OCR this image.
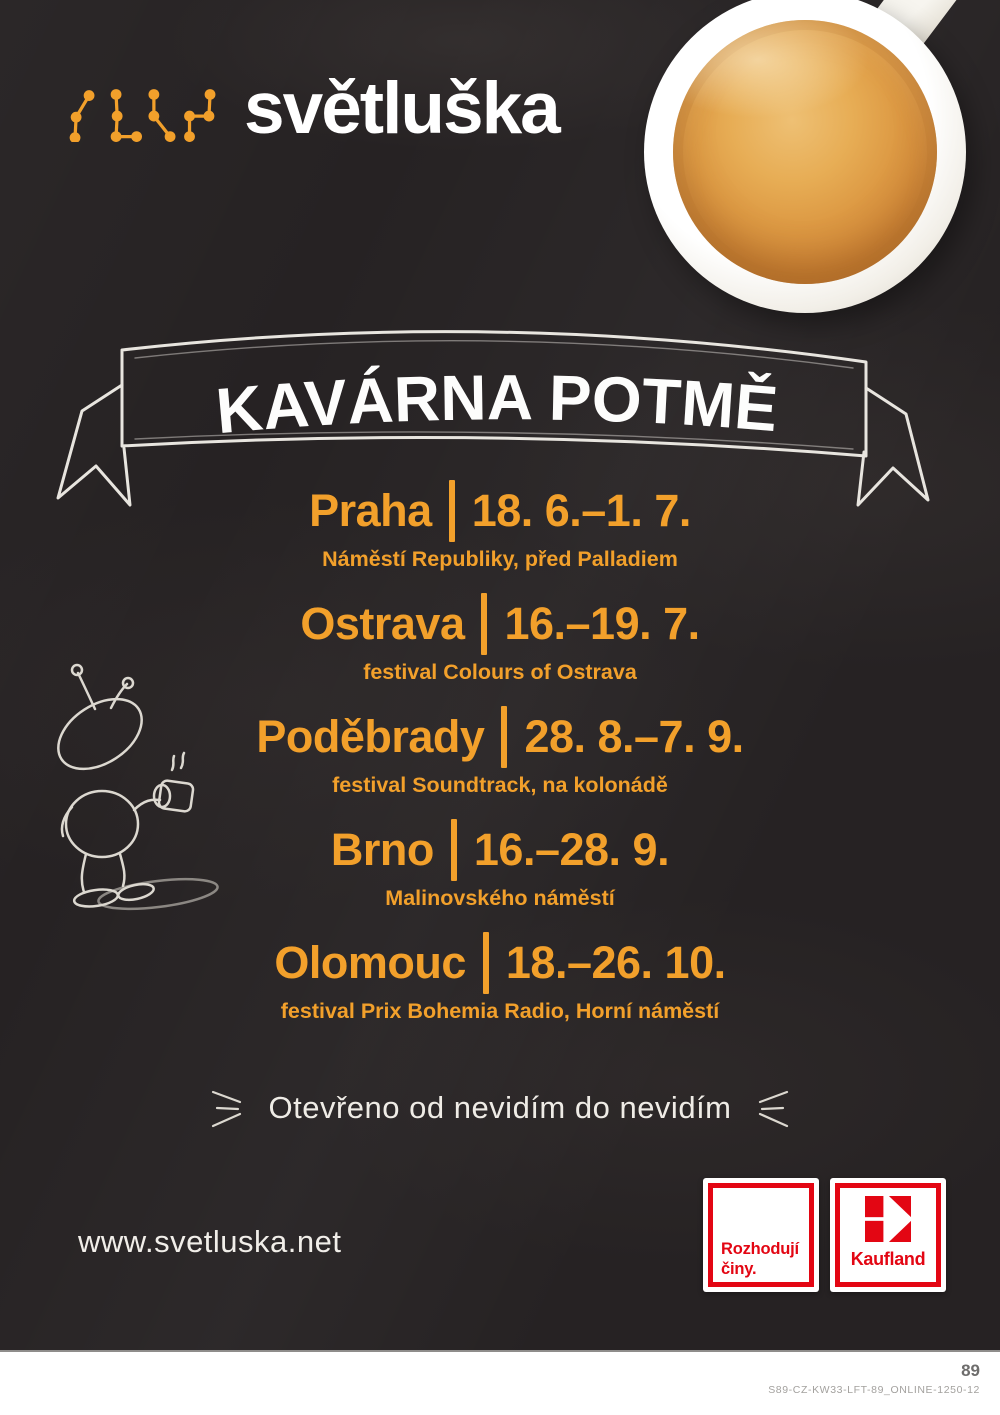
světluška
KAVÁRNA POTMĚ
Praha 18. 6.–1. 7.
Náměstí Republiky, před Palladiem
Ostrava 16.–19. 7.
festival Colours of Ostrava
Poděbrady 28. 8.–7. 9.
festival Soundtrack, na kolonádě
Brno 16.–28. 9.
Malinovského náměstí
Olomouc 18.–26. 10.
festival Prix Bohemia Radio, Horní náměstí
Otevřeno od nevidím do nevidím
www.svetluska.net	Rozhodují
činy.	Kaufland
89
S89-CZ-KW33-LFT-89_ONLINE-1250-12
